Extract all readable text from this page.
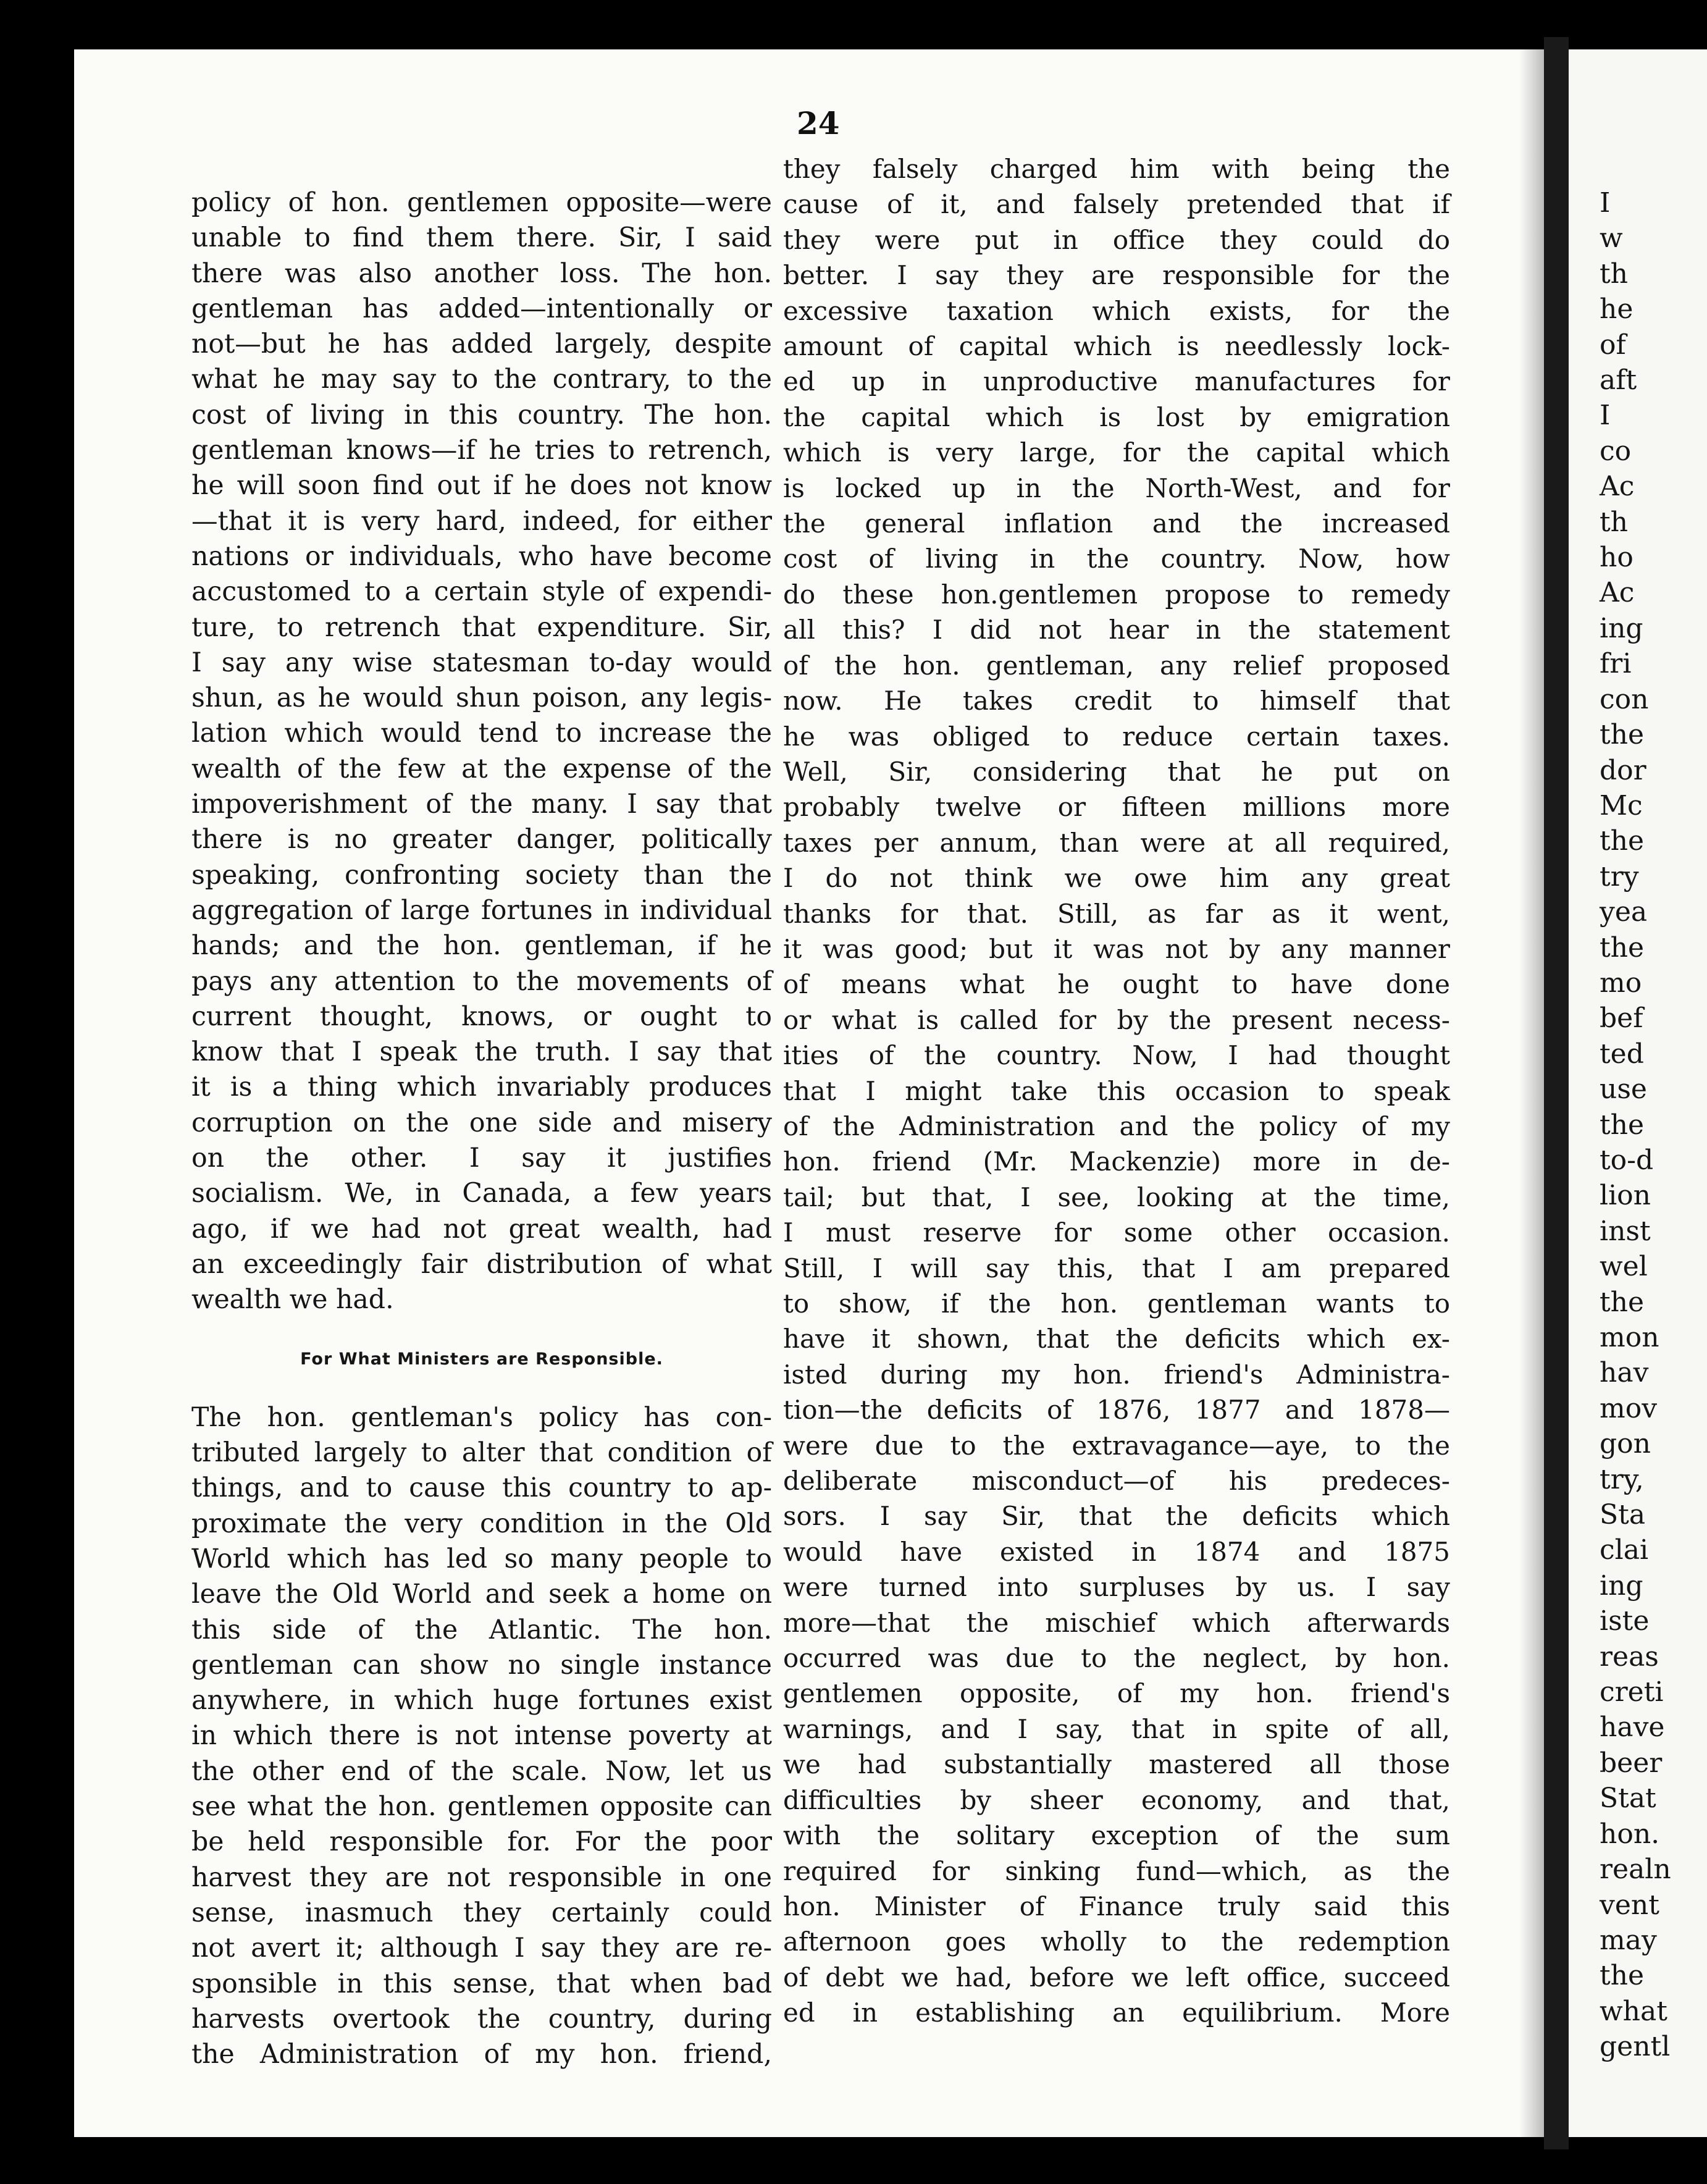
24
policy of hon. gentlemen opposite—were
unable to find them there. Sir, I said
there was also another loss. The hon.
gentleman has added—intentionally or
not—but he has added largely, despite
what he may say to the contrary, to the
cost of living in this country. The hon.
gentleman knows—if he tries to retrench,
he will soon find out if he does not know
—that it is very hard, indeed, for either
nations or individuals, who have become
accustomed to a certain style of expendi-
ture, to retrench that expenditure. Sir,
I say any wise statesman to-day would
shun, as he would shun poison, any legis-
lation which would tend to increase the
wealth of the few at the expense of the
impoverishment of the many. I say that
there is no greater danger, politically
speaking, confronting society than the
aggregation of large fortunes in individual
hands; and the hon. gentleman, if he
pays any attention to the movements of
current thought, knows, or ought to
know that I speak the truth. I say that
it is a thing which invariably produces
corruption on the one side and misery
on the other. I say it justifies
socialism. We, in Canada, a few years
ago, if we had not great wealth, had
an exceedingly fair distribution of what
wealth we had.
For What Ministers are Responsible.
The hon. gentleman's policy has con-
tributed largely to alter that condition of
things, and to cause this country to ap-
proximate the very condition in the Old
World which has led so many people to
leave the Old World and seek a home on
this side of the Atlantic. The hon.
gentleman can show no single instance
anywhere, in which huge fortunes exist
in which there is not intense poverty at
the other end of the scale. Now, let us
see what the hon. gentlemen opposite can
be held responsible for. For the poor
harvest they are not responsible in one
sense, inasmuch they certainly could
not avert it; although I say they are re-
sponsible in this sense, that when bad
harvests overtook the country, during
the Administration of my hon. friend,
they falsely charged him with being the
cause of it, and falsely pretended that if
they were put in office they could do
better. I say they are responsible for the
excessive taxation which exists, for the
amount of capital which is needlessly lock-
ed up in unproductive manufactures for
the capital which is lost by emigration
which is very large, for the capital which
is locked up in the North-West, and for
the general inflation and the increased
cost of living in the country. Now, how
do these hon.gentlemen propose to remedy
all this? I did not hear in the statement
of the hon. gentleman, any relief proposed
now. He takes credit to himself that
he was obliged to reduce certain taxes.
Well, Sir, considering that he put on
probably twelve or fifteen millions more
taxes per annum, than were at all required,
I do not think we owe him any great
thanks for that. Still, as far as it went,
it was good; but it was not by any manner
of means what he ought to have done
or what is called for by the present necess-
ities of the country. Now, I had thought
that I might take this occasion to speak
of the Administration and the policy of my
hon. friend (Mr. Mackenzie) more in de-
tail; but that, I see, looking at the time,
I must reserve for some other occasion.
Still, I will say this, that I am prepared
to show, if the hon. gentleman wants to
have it shown, that the deficits which ex-
isted during my hon. friend's Administra-
tion—the deficits of 1876, 1877 and 1878—
were due to the extravagance—aye, to the
deliberate misconduct—of his predeces-
sors. I say Sir, that the deficits which
would have existed in 1874 and 1875
were turned into surpluses by us. I say
more—that the mischief which afterwards
occurred was due to the neglect, by hon.
gentlemen opposite, of my hon. friend's
warnings, and I say, that in spite of all,
we had substantially mastered all those
difficulties by sheer economy, and that,
with the solitary exception of the sum
required for sinking fund—which, as the
hon. Minister of Finance truly said this
afternoon goes wholly to the redemption
of debt we had, before we left office, succeed
ed in establishing an equilibrium. More
I
w
th
he
of
aft
I
co
Ac
th
ho
Ac
ing
fri
con
the
dor
Mc
the
try
yea
the
mo
bef
ted
use
the
to-d
lion
inst
wel
the
mon
hav
mov
gon
try,
Sta
clai
ing
iste
reas
creti
have
beer
Stat
hon.
realn
vent
may
the
what
gentl
